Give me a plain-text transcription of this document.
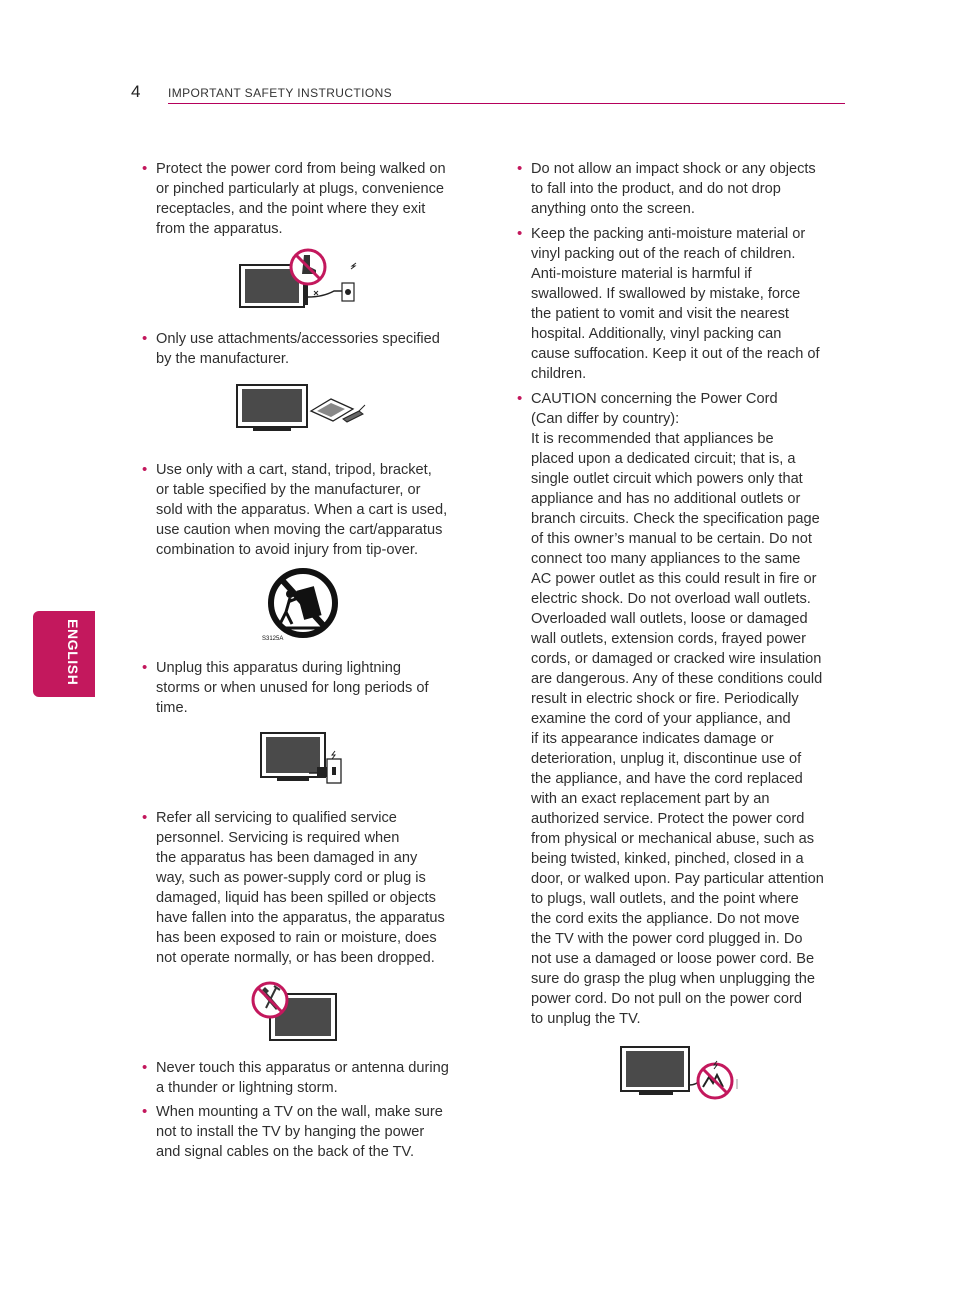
4 IMPORTANT SAFETY INSTRUCTIONS
ENGLISH
• Protect the power cord from being walked on

or pinched particularly at plugs, convenience

receptacles, and the point where they exit

from the apparatus.

• Only use attachments/accessories specified

by the manufacturer.

• Use only with a cart, stand, tripod, bracket,

or table specified by the manufacturer, or

sold with the apparatus. When a cart is used,

use caution when moving the cart/apparatus

combination to avoid injury from tip-over.

S3125A
• Unplug this apparatus during lightning

storms or when unused for long periods of

time.

• Refer all servicing to qualified service

personnel. Servicing is required when

the apparatus has been damaged in any

way, such as power-supply cord or plug is

damaged, liquid has been spilled or objects

have fallen into the apparatus, the apparatus

has been exposed to rain or moisture, does

not operate normally, or has been dropped.

• Never touch this apparatus or antenna during

a thunder or lightning storm.

• When mounting a TV on the wall, make sure

not to install the TV by hanging the power

and signal cables on the back of the TV.

• Do not allow an impact shock or any objects

to fall into the product, and do not drop

anything onto the screen.

• Keep the packing anti-moisture material or

vinyl packing out of the reach of children.

Anti-moisture material is harmful if

swallowed. If swallowed by mistake, force

the patient to vomit and visit the nearest

hospital. Additionally, vinyl packing can

cause suffocation. Keep it out of the reach of

children.

• CAUTION concerning the Power Cord

(Can differ by country):

It is recommended that appliances be

placed upon a dedicated circuit; that is, a

single outlet circuit which powers only that

appliance and has no additional outlets or

branch circuits. Check the specification page

of this owner’s manual to be certain. Do not

connect too many appliances to the same

AC power outlet as this could result in fire or

electric shock. Do not overload wall outlets.

Overloaded wall outlets, loose or damaged

wall outlets, extension cords, frayed power

cords, or damaged or cracked wire insulation

are dangerous. Any of these conditions could

result in electric shock or fire. Periodically

examine the cord of your appliance, and

if its appearance indicates damage or

deterioration, unplug it, discontinue use of

the appliance, and have the cord replaced

with an exact replacement part by an

authorized service. Protect the power cord

from physical or mechanical abuse, such as

being twisted, kinked, pinched, closed in a

door, or walked upon. Pay particular attention

to plugs, wall outlets, and the point where

the cord exits the appliance. Do not move

the TV with the power cord plugged in. Do

not use a damaged or loose power cord. Be

sure do grasp the plug when unplugging the

power cord. Do not pull on the power cord

to unplug the TV.
